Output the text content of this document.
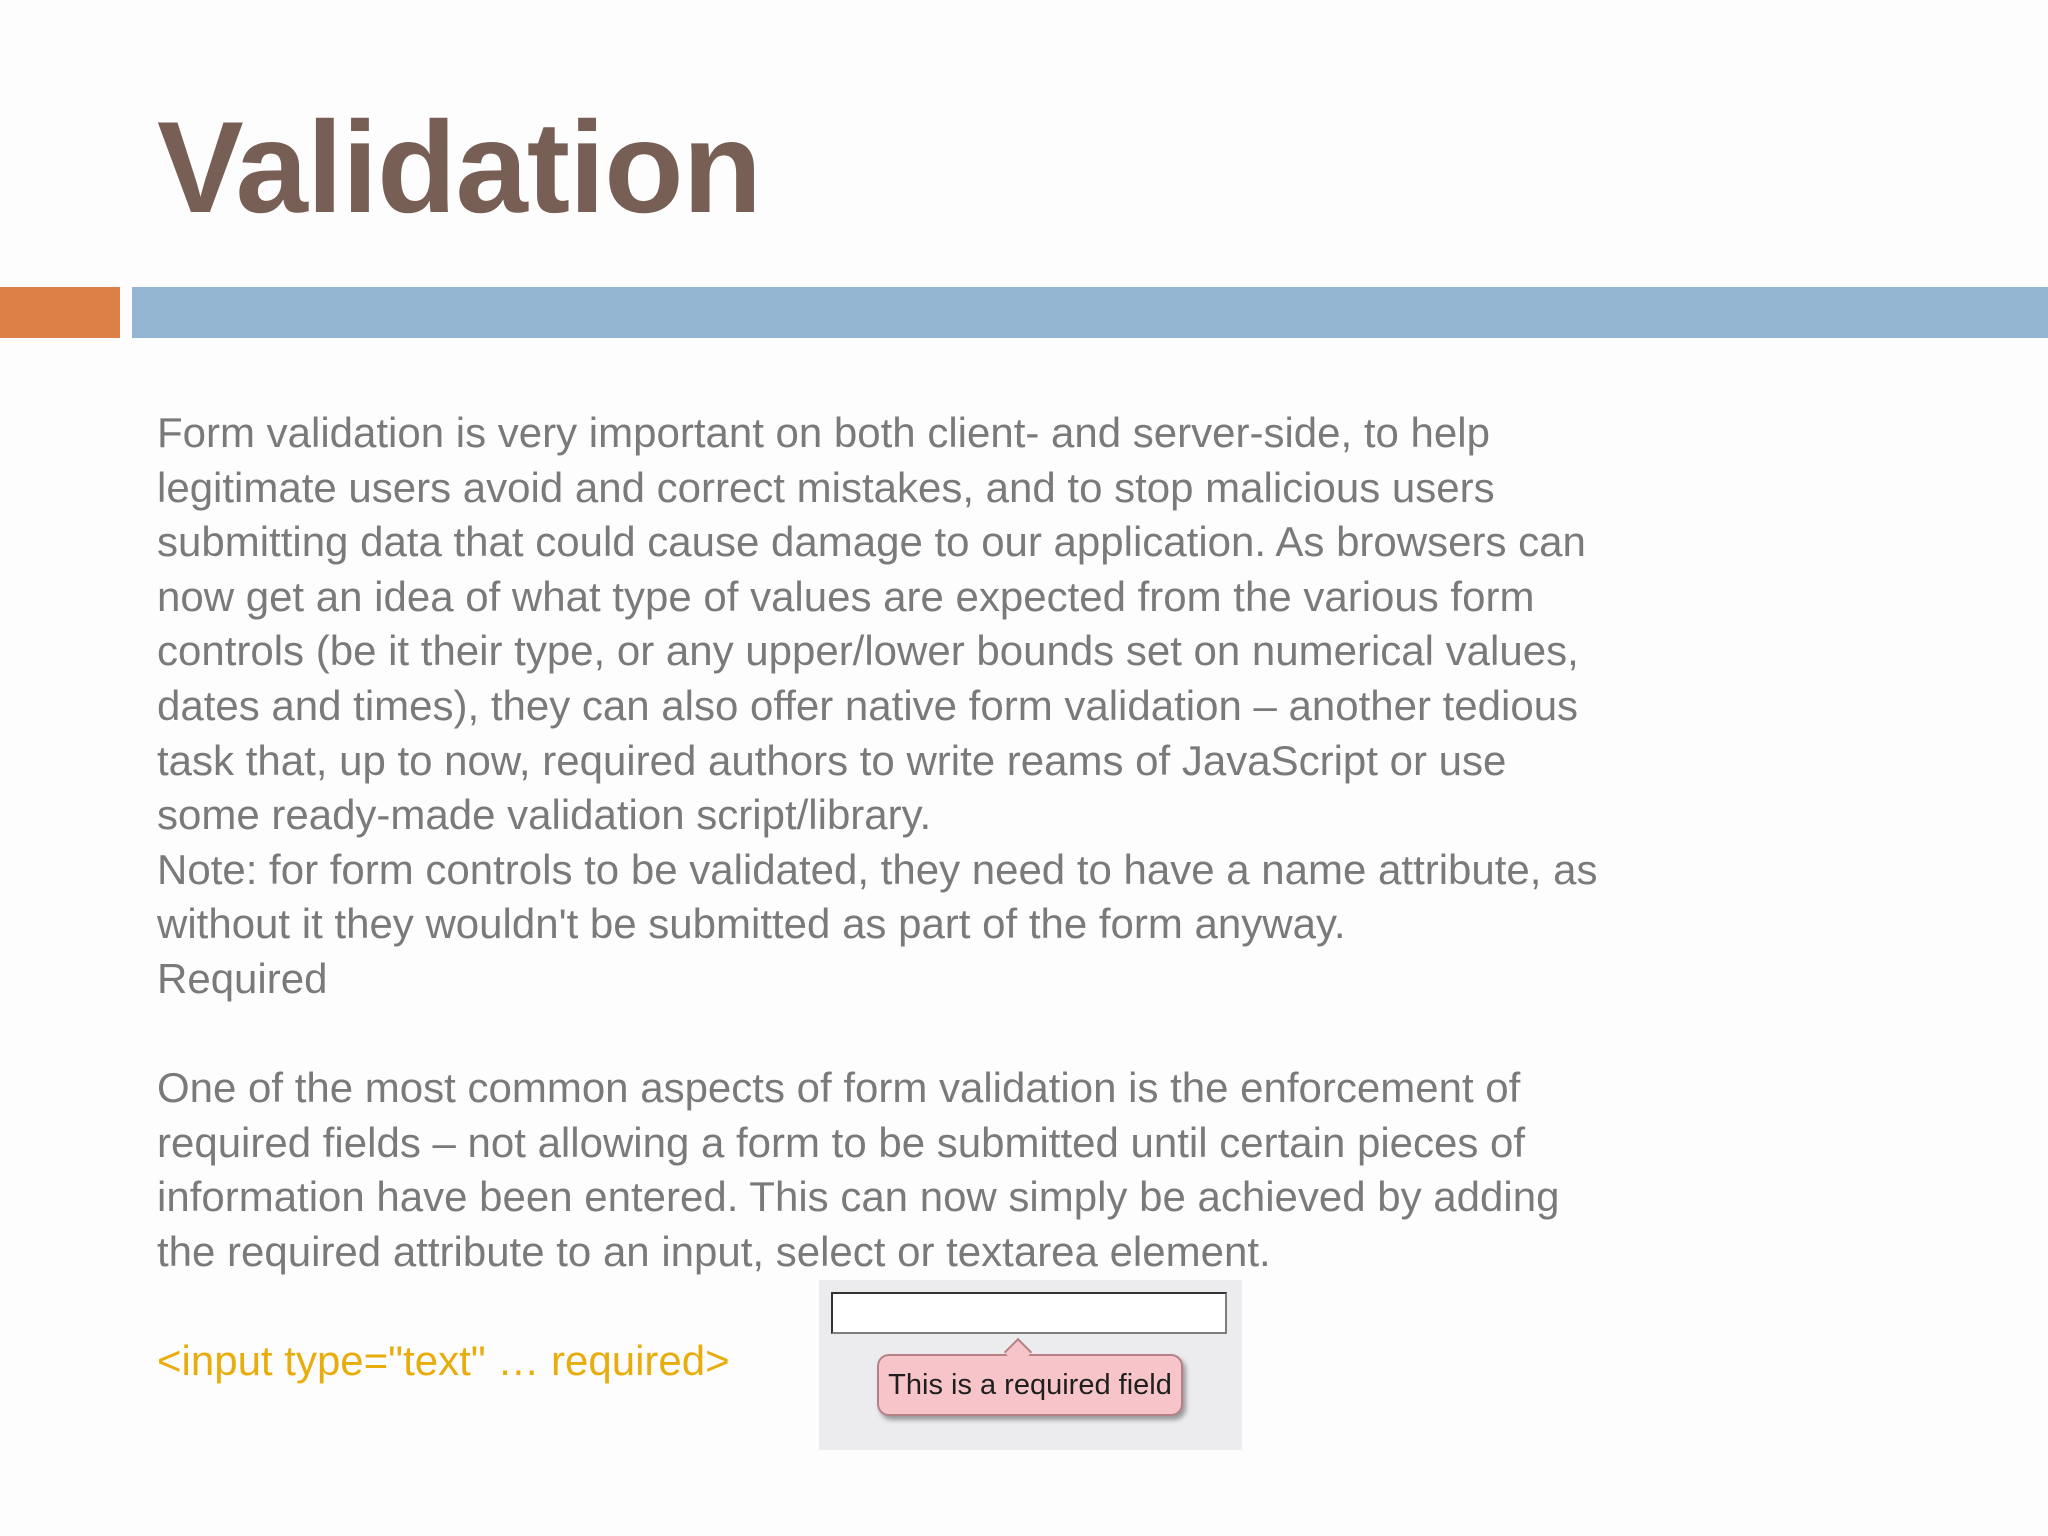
Validation

Form validation is very important on both client- and server-side, to help

legitimate users avoid and correct mistakes, and to stop malicious users

submitting data that could cause damage to our application. As browsers can

now get an idea of what type of values are expected from the various form

controls (be it their type, or any upper/lower bounds set on numerical values,

dates and times), they can also offer native form validation – another tedious

task that, up to now, required authors to write reams of JavaScript or use

some ready-made validation script/library.

Note: for form controls to be validated, they need to have a name attribute, as

without it they wouldn't be submitted as part of the form anyway.

Required

One of the most common aspects of form validation is the enforcement of

required fields – not allowing a form to be submitted until certain pieces of

information have been entered. This can now simply be achieved by adding

the required attribute to an input, select or textarea element.

<input type="text" … required>

This is a required field
